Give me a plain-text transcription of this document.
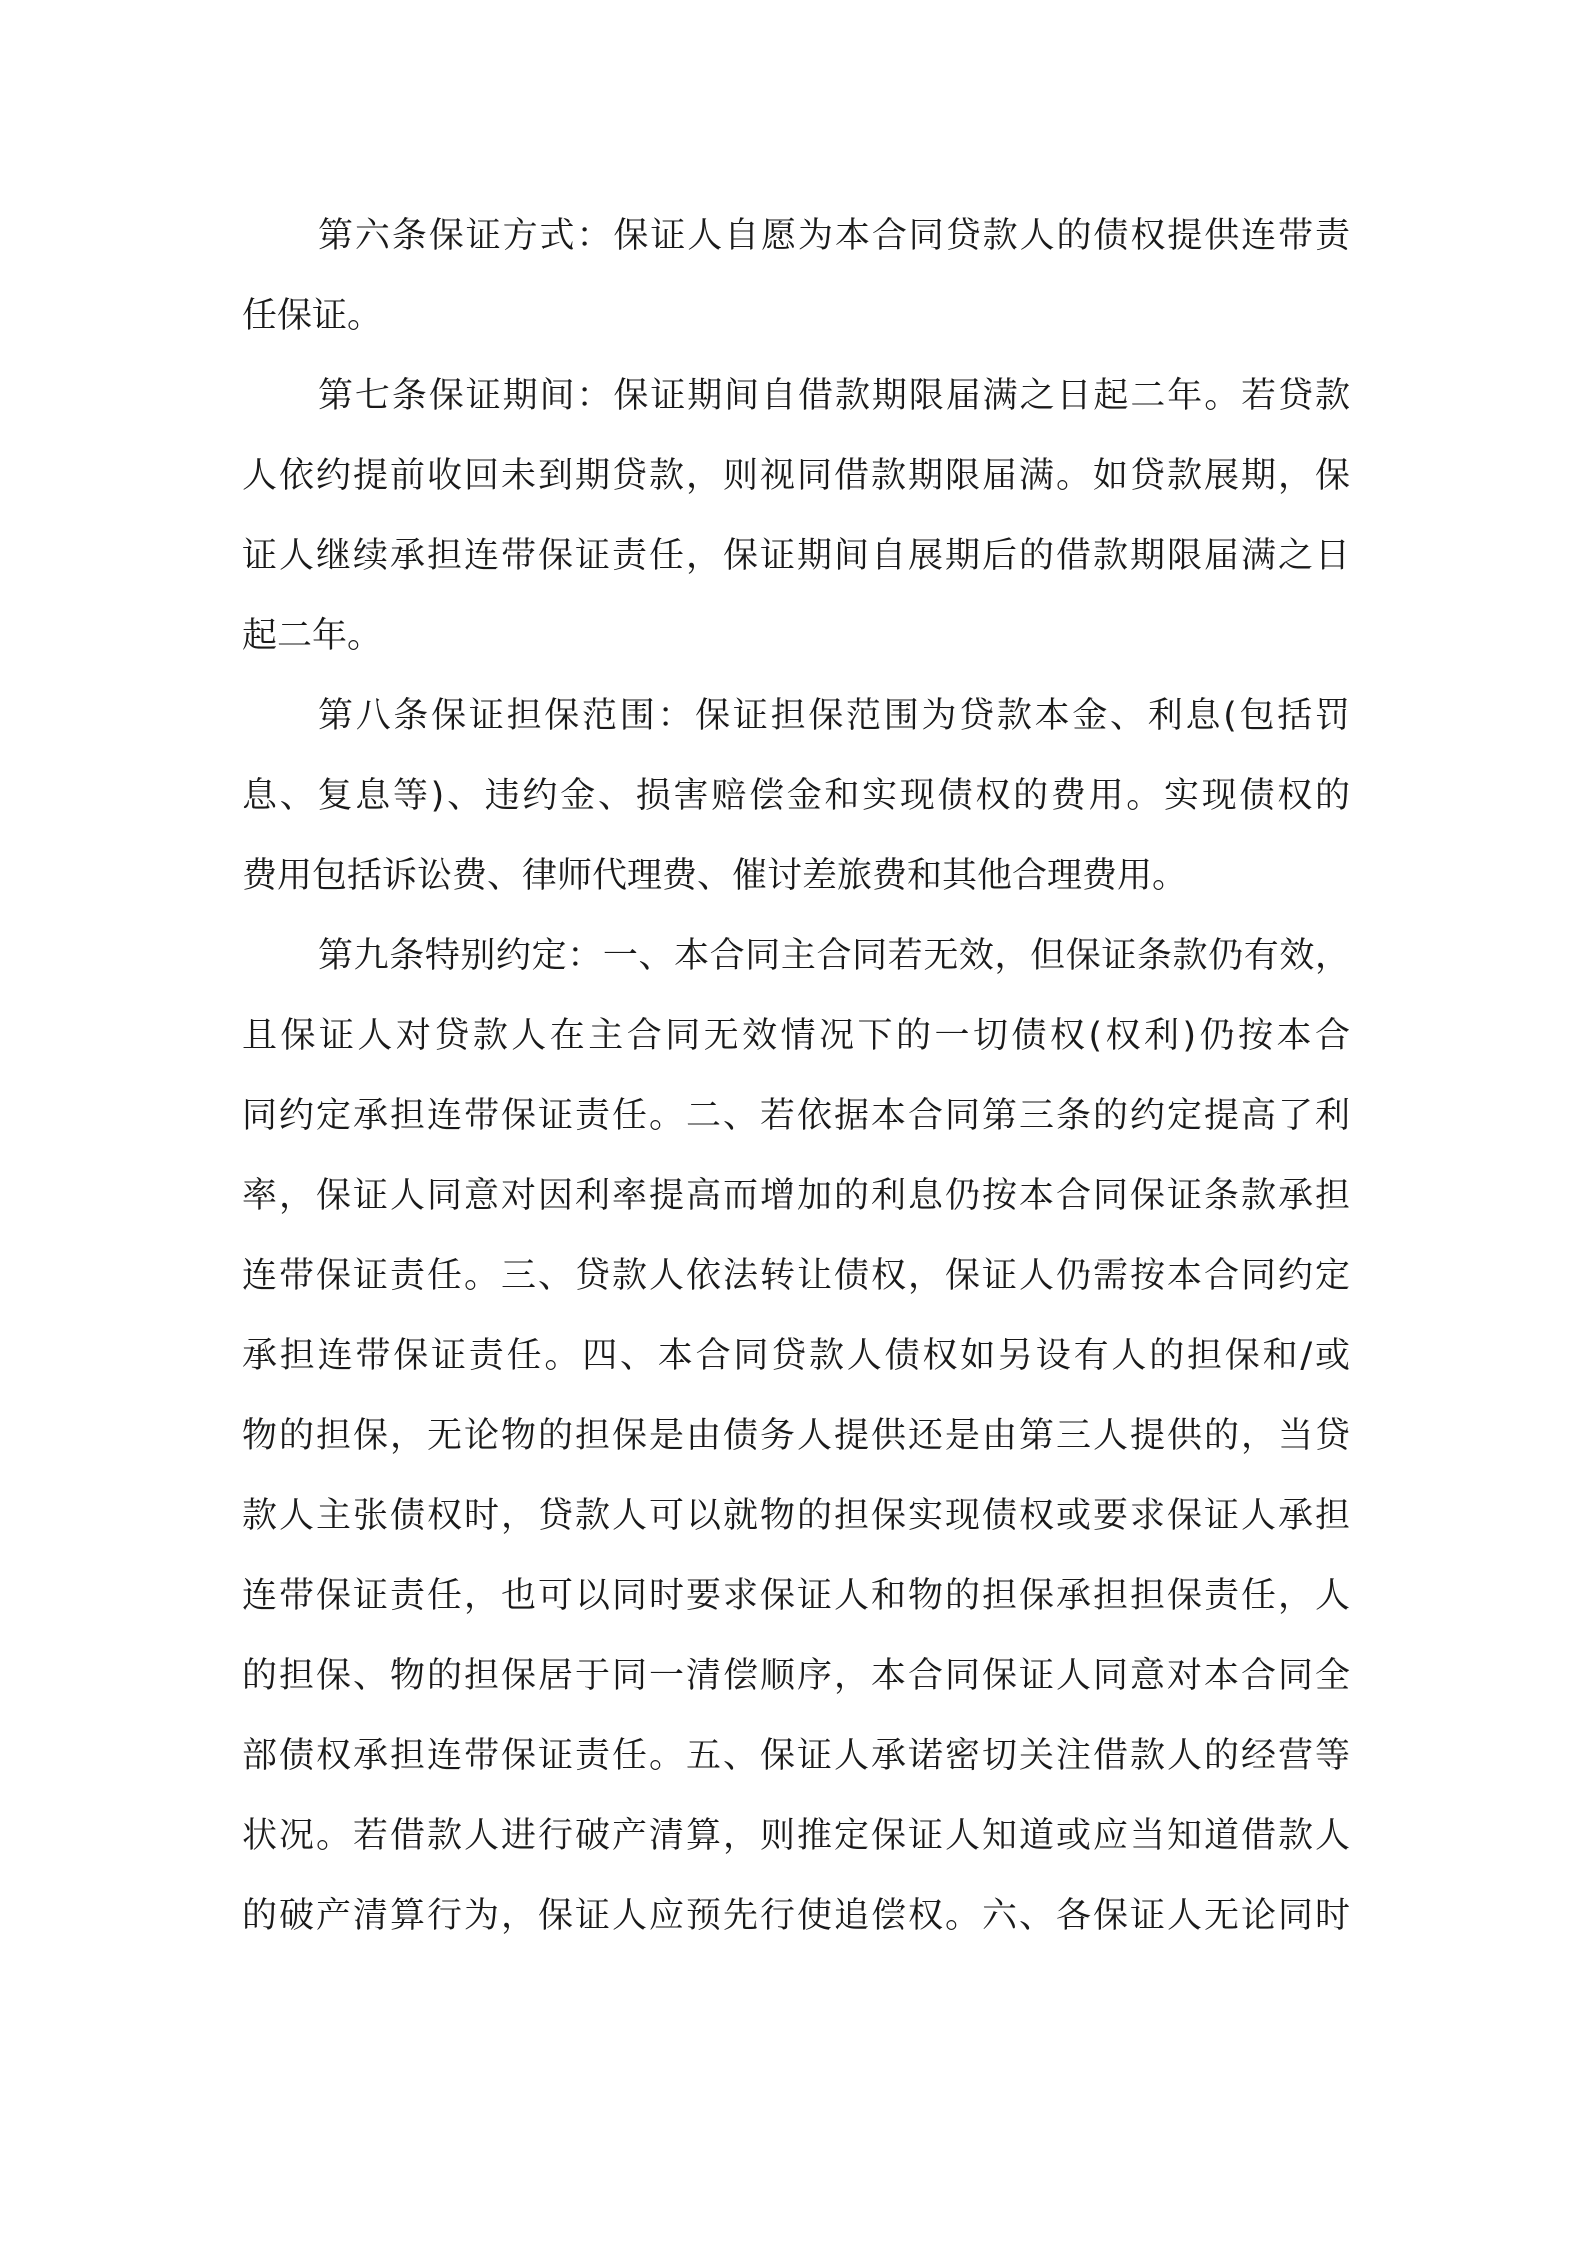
第六条保证方式：保证人自愿为本合同贷款人的债权提供连带责
任保证。
第七条保证期间：保证期间自借款期限届满之日起二年。若贷款
人依约提前收回未到期贷款，则视同借款期限届满。如贷款展期，保
证人继续承担连带保证责任，保证期间自展期后的借款期限届满之日
起二年。
第八条保证担保范围：保证担保范围为贷款本金、利息(包括罚
息、复息等)、违约金、损害赔偿金和实现债权的费用。实现债权的
费用包括诉讼费、律师代理费、催讨差旅费和其他合理费用。
第九条特别约定：一、本合同主合同若无效，但保证条款仍有效，
且保证人对贷款人在主合同无效情况下的一切债权(权利)仍按本合
同约定承担连带保证责任。二、若依据本合同第三条的约定提高了利
率，保证人同意对因利率提高而增加的利息仍按本合同保证条款承担
连带保证责任。三、贷款人依法转让债权，保证人仍需按本合同约定
承担连带保证责任。四、本合同贷款人债权如另设有人的担保和/或
物的担保，无论物的担保是由债务人提供还是由第三人提供的，当贷
款人主张债权时，贷款人可以就物的担保实现债权或要求保证人承担
连带保证责任，也可以同时要求保证人和物的担保承担担保责任，人
的担保、物的担保居于同一清偿顺序，本合同保证人同意对本合同全
部债权承担连带保证责任。五、保证人承诺密切关注借款人的经营等
状况。若借款人进行破产清算，则推定保证人知道或应当知道借款人
的破产清算行为，保证人应预先行使追偿权。六、各保证人无论同时
